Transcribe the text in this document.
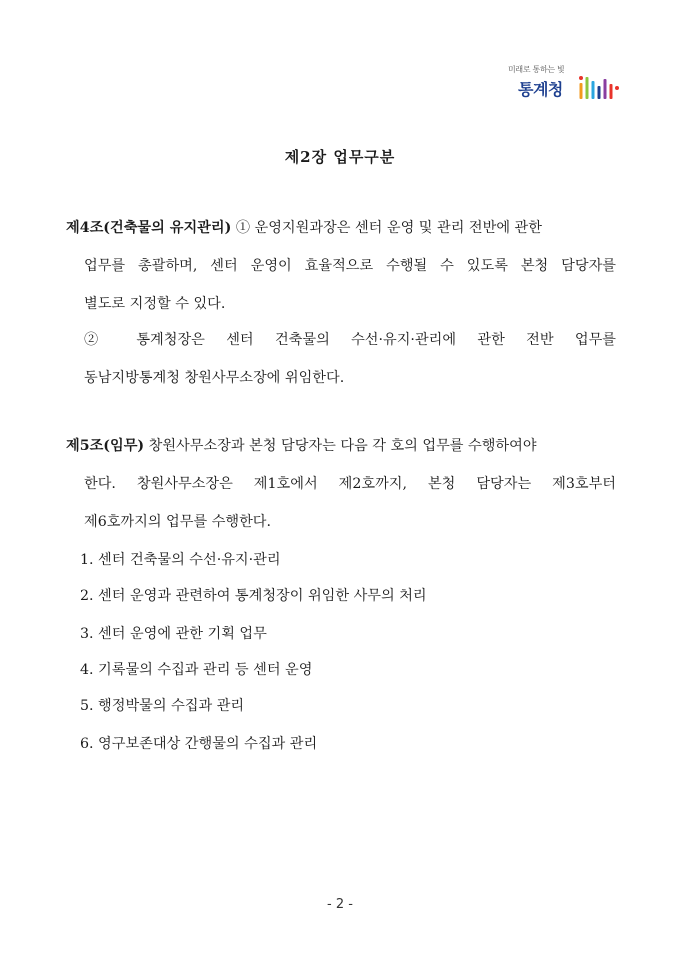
미래로 통하는 빛
통계청
제2장 업무구분
제4조(건축물의 유지관리) ① 운영지원과장은 센터 운영 및 관리 전반에 관한
업무를 총괄하며, 센터 운영이 효율적으로 수행될 수 있도록 본청 담당자를
별도로 지정할 수 있다.
② 통계청장은 센터 건축물의 수선·유지·관리에 관한 전반 업무를
동남지방통계청 창원사무소장에 위임한다.
제5조(임무) 창원사무소장과 본청 담당자는 다음 각 호의 업무를 수행하여야
한다. 창원사무소장은 제1호에서 제2호까지, 본청 담당자는 제3호부터
제6호까지의 업무를 수행한다.
1. 센터 건축물의 수선·유지·관리
2. 센터 운영과 관련하여 통계청장이 위임한 사무의 처리
3. 센터 운영에 관한 기획 업무
4. 기록물의 수집과 관리 등 센터 운영
5. 행정박물의 수집과 관리
6. 영구보존대상 간행물의 수집과 관리
- 2 -
